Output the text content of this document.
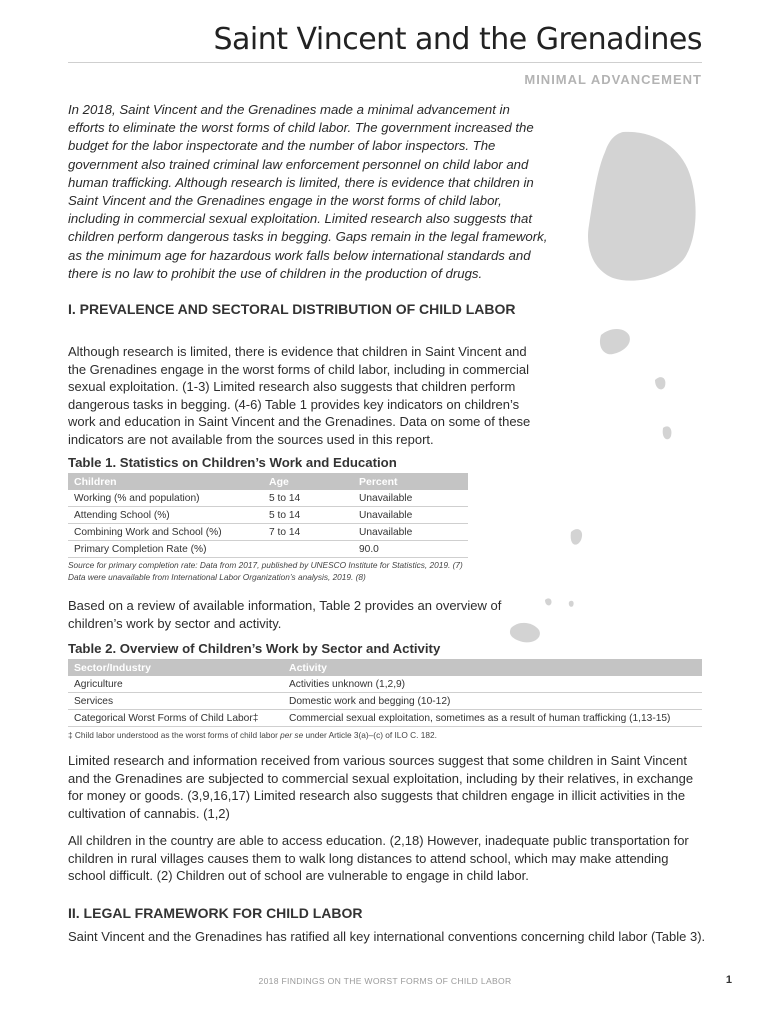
Saint Vincent and the Grenadines
MINIMAL ADVANCEMENT
In 2018, Saint Vincent and the Grenadines made a minimal advancement in efforts to eliminate the worst forms of child labor. The government increased the budget for the labor inspectorate and the number of labor inspectors. The government also trained criminal law enforcement personnel on child labor and human trafficking. Although research is limited, there is evidence that children in Saint Vincent and the Grenadines engage in the worst forms of child labor, including in commercial sexual exploitation. Limited research also suggests that children perform dangerous tasks in begging. Gaps remain in the legal framework, as the minimum age for hazardous work falls below international standards and there is no law to prohibit the use of children in the production of drugs.
I. PREVALENCE AND SECTORAL DISTRIBUTION OF CHILD LABOR
Although research is limited, there is evidence that children in Saint Vincent and the Grenadines engage in the worst forms of child labor, including in commercial sexual exploitation. (1-3) Limited research also suggests that children perform dangerous tasks in begging. (4-6) Table 1 provides key indicators on children’s work and education in Saint Vincent and the Grenadines. Data on some of these indicators are not available from the sources used in this report.
Table 1. Statistics on Children’s Work and Education
Children	Age	Percent
Working (% and population)	5 to 14	Unavailable
Attending School (%)	5 to 14	Unavailable
Combining Work and School (%)	7 to 14	Unavailable
Primary Completion Rate (%)		90.0
Source for primary completion rate: Data from 2017, published by UNESCO Institute for Statistics, 2019. (7)
Data were unavailable from International Labor Organization’s analysis, 2019. (8)
Based on a review of available information, Table 2 provides an overview of children’s work by sector and activity.
Table 2. Overview of Children’s Work by Sector and Activity
Sector/Industry	Activity
Agriculture	Activities unknown (1,2,9)
Services	Domestic work and begging (10-12)
Categorical Worst Forms of Child Labor‡	Commercial sexual exploitation, sometimes as a result of human trafficking (1,13-15)
‡ Child labor understood as the worst forms of child labor per se under Article 3(a)–(c) of ILO C. 182.
Limited research and information received from various sources suggest that some children in Saint Vincent and the Grenadines are subjected to commercial sexual exploitation, including by their relatives, in exchange for money or goods. (3,9,16,17) Limited research also suggests that children engage in illicit activities in the cultivation of cannabis. (1,2)
All children in the country are able to access education. (2,18) However, inadequate public transportation for children in rural villages causes them to walk long distances to attend school, which may make attending school difficult. (2) Children out of school are vulnerable to engage in child labor.
II. LEGAL FRAMEWORK FOR CHILD LABOR
Saint Vincent and the Grenadines has ratified all key international conventions concerning child labor (Table 3).
2018 FINDINGS ON THE WORST FORMS OF CHILD LABOR	1
